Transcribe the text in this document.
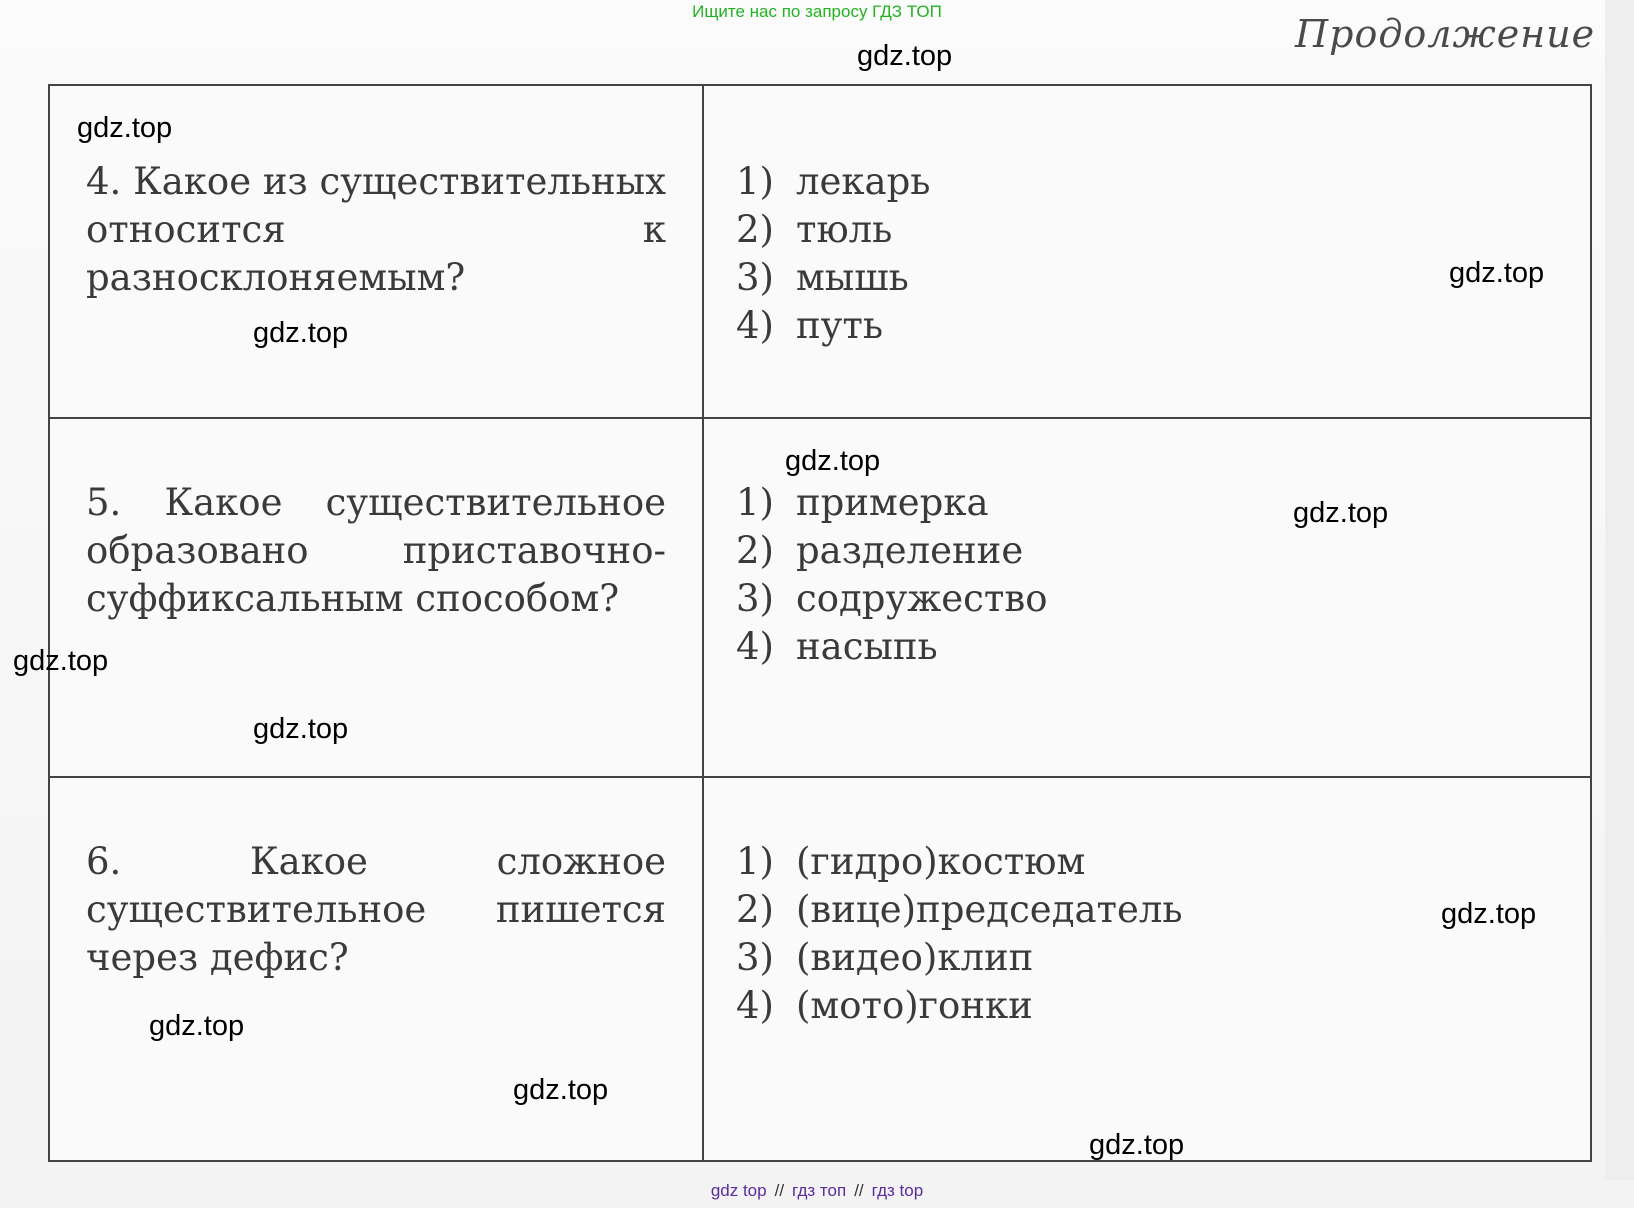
Ищите нас по запросу ГДЗ ТОП
Продолжение
4. Какое из существительных относится к разносклоняемым?
1) лекарь
2) тюль
3) мышь
4) путь
5. Какое существительное образовано приставочно-суффиксальным способом?
1) примерка
2) разделение
3) содружество
4) насыпь
6. Какое сложное существительное пишется через дефис?
1) (гидро)костюм
2) (вице)председатель
3) (видео)клип
4) (мото)гонки
gdz.top
gdz.top
gdz.top
gdz.top
gdz.top
gdz.top
gdz.top
gdz.top
gdz.top
gdz.top
gdz.top
gdz.top
gdz top // гдз топ // гдз top
